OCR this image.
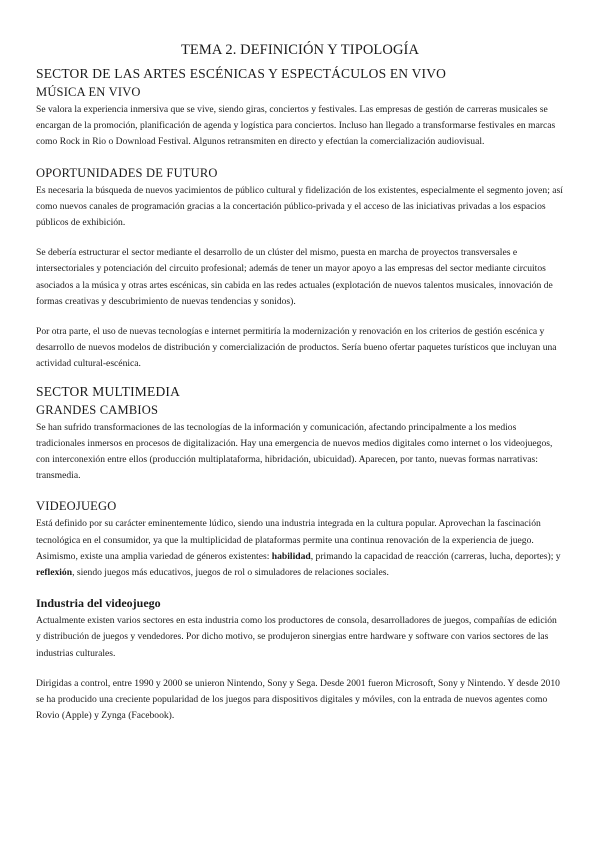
TEMA 2. DEFINICIÓN Y TIPOLOGÍA
SECTOR DE LAS ARTES ESCÉNICAS Y ESPECTÁCULOS EN VIVO
MÚSICA EN VIVO

Se valora la experiencia inmersiva que se vive, siendo giras, conciertos y festivales. Las empresas de gestión de carreras musicales se encargan de la promoción, planificación de agenda y logística para conciertos. Incluso han llegado a transformarse festivales en marcas como Rock in Rio o Download Festival. Algunos retransmiten en directo y efectúan la comercialización audiovisual.

OPORTUNIDADES DE FUTURO

Es necesaria la búsqueda de nuevos yacimientos de público cultural y fidelización de los existentes, especialmente el segmento joven; así como nuevos canales de programación gracias a la concertación público-privada y el acceso de las iniciativas privadas a los espacios públicos de exhibición.

Se debería estructurar el sector mediante el desarrollo de un clúster del mismo, puesta en marcha de proyectos transversales e intersectoriales y potenciación del circuito profesional; además de tener un mayor apoyo a las empresas del sector mediante circuitos asociados a la música y otras artes escénicas, sin cabida en las redes actuales (explotación de nuevos talentos musicales, innovación de formas creativas y descubrimiento de nuevas tendencias y sonidos).

Por otra parte, el uso de nuevas tecnologías e internet permitiría la modernización y renovación en los criterios de gestión escénica y desarrollo de nuevos modelos de distribución y comercialización de productos. Sería bueno ofertar paquetes turísticos que incluyan una actividad cultural-escénica.

SECTOR MULTIMEDIA
GRANDES CAMBIOS

Se han sufrido transformaciones de las tecnologías de la información y comunicación, afectando principalmente a los medios tradicionales inmersos en procesos de digitalización. Hay una emergencia de nuevos medios digitales como internet o los videojuegos, con interconexión entre ellos (producción multiplataforma, hibridación, ubicuidad). Aparecen, por tanto, nuevas formas narrativas: transmedia.

VIDEOJUEGO

Está definido por su carácter eminentemente lúdico, siendo una industria integrada en la cultura popular. Aprovechan la fascinación tecnológica en el consumidor, ya que la multiplicidad de plataformas permite una continua renovación de la experiencia de juego. Asimismo, existe una amplia variedad de géneros existentes: habilidad, primando la capacidad de reacción (carreras, lucha, deportes); y reflexión, siendo juegos más educativos, juegos de rol o simuladores de relaciones sociales.

Industria del videojuego

Actualmente existen varios sectores en esta industria como los productores de consola, desarrolladores de juegos, compañías de edición y distribución de juegos y vendedores. Por dicho motivo, se produjeron sinergias entre hardware y software con varios sectores de las industrias culturales.

Dirigidas a control, entre 1990 y 2000 se unieron Nintendo, Sony y Sega. Desde 2001 fueron Microsoft, Sony y Nintendo. Y desde 2010 se ha producido una creciente popularidad de los juegos para dispositivos digitales y móviles, con la entrada de nuevos agentes como Rovio (Apple) y Zynga (Facebook).
